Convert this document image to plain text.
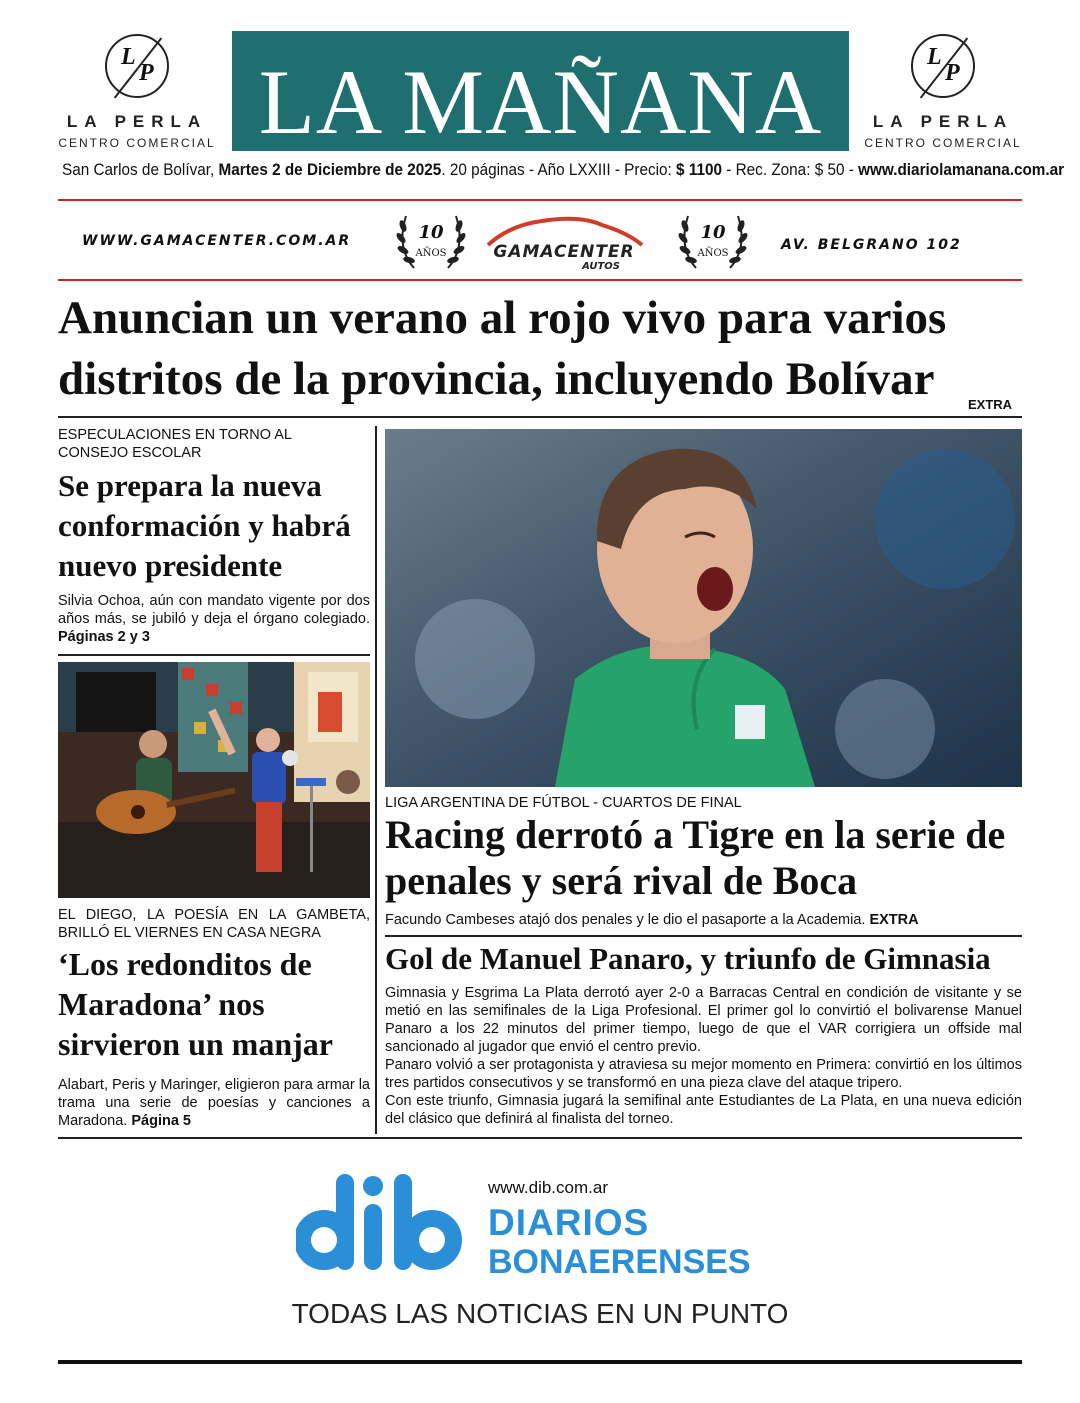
L
P
LA PERLA
CENTRO COMERCIAL LA MAÑANA	L
P
LA PERLA
CENTRO COMERCIAL
San Carlos de Bolívar, Martes 2 de Diciembre de 2025. 20 páginas - Año LXXIII - Precio: $ 1100 - Rec. Zona: $ 50 - www.diariolamanana.com.ar
WWW.GAMACENTER.COM.AR	10
AÑOS	GAMACENTER
AUTOS
10
AÑOS
AV. BELGRANO 102
Anuncian un verano al rojo vivo para varios distritos de la provincia, incluyendo Bolívar	EXTRA
ESPECULACIONES EN TORNO AL CONSEJO ESCOLAR
Se prepara la nueva conformación y habrá nuevo presidente
Silvia Ochoa, aún con mandato vigente por dos años más, se jubiló y deja el órgano colegiado. Páginas 2 y 3
EL DIEGO, LA POESÍA EN LA GAMBETA, BRILLÓ EL VIERNES EN CASA NEGRA
‘Los redonditos de Maradona’ nos sirvieron un manjar
Alabart, Peris y Maringer, eligieron para armar la trama una serie de poesías y canciones a Maradona. Página 5
LIGA ARGENTINA DE FÚTBOL - CUARTOS DE FINAL
Racing derrotó a Tigre en la serie de penales y será rival de Boca
Facundo Cambeses atajó dos penales y le dio el pasaporte a la Academia. EXTRA
Gol de Manuel Panaro, y triunfo de Gimnasia

Gimnasia y Esgrima La Plata derrotó ayer 2-0 a Barracas Central en condición de visitante y se metió en las semifinales de la Liga Profesional. El primer gol lo convirtió el bolivarense Manuel Panaro a los 22 minutos del primer tiempo, luego de que el VAR corrigiera un offside mal sancionado al jugador que envió el centro previo.

Panaro volvió a ser protagonista y atraviesa su mejor momento en Primera: convirtió en los últimos tres partidos consecutivos y se transformó en una pieza clave del ataque tripero.

Con este triunfo, Gimnasia jugará la semifinal ante Estudiantes de La Plata, en una nueva edición del clásico que definirá al finalista del torneo.

www.dib.com.ar
DIARIOS
BONAERENSES
TODAS LAS NOTICIAS EN UN PUNTO
